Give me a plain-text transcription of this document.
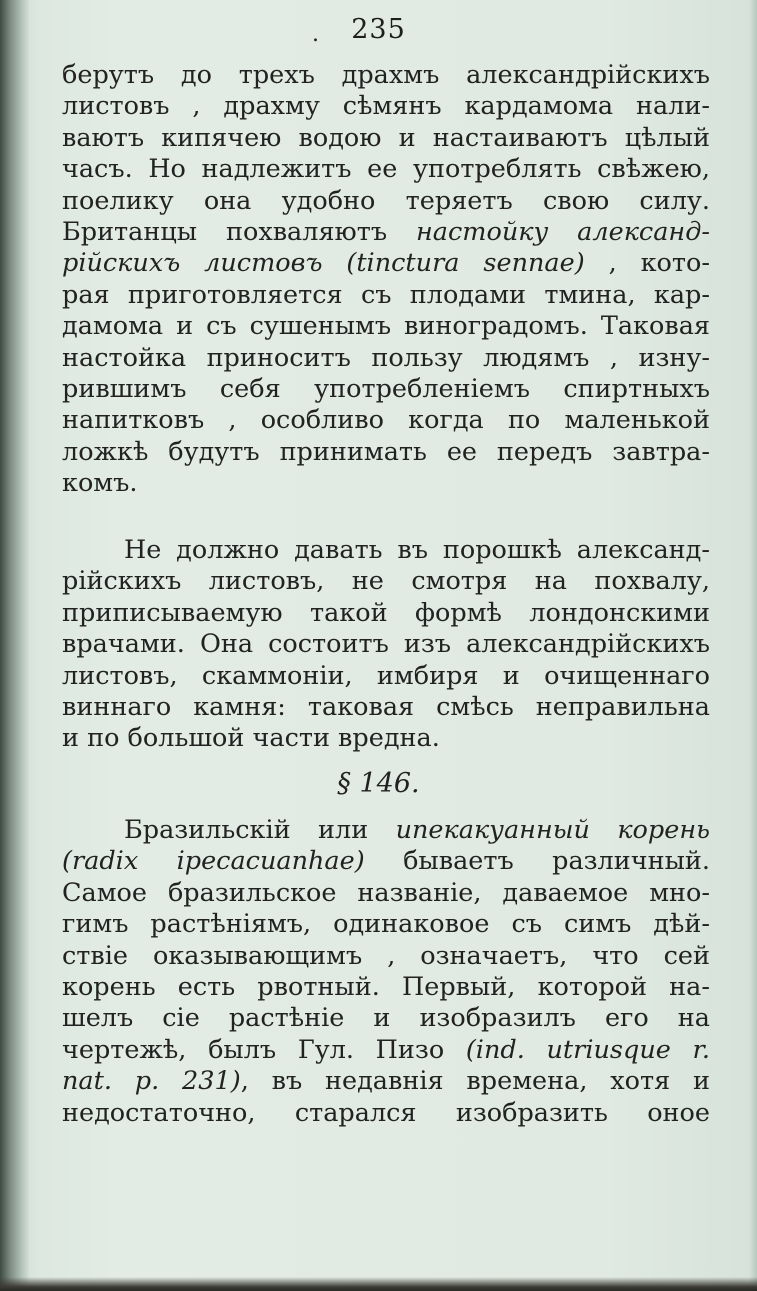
.	235
берутъ до трехъ драхмъ александрiйскихъ
листовъ , драхму сѣмянъ кардамома нали-
ваютъ кипячею водою и настаиваютъ цѣлый
часъ. Но надлежитъ ее употреблять свѣжею,
поелику она удобно теряетъ свою силу.
Британцы похваляютъ настойку александ-
рiйскихъ листовъ (tinctura sennae) , кото-
рая приготовляется съ плодами тмина, кар-
дамома и съ сушенымъ виноградомъ. Таковая
настойка приноситъ пользу людямъ , изну-
рившимъ себя употребленiемъ спиртныхъ
напитковъ , особливо когда по маленькой
ложкѣ будутъ принимать ее передъ завтра-
комъ.
Не должно давать въ порошкѣ александ-
рiйскихъ листовъ, не смотря на похвалу,
приписываемую такой формѣ лондонскими
врачами. Она состоитъ изъ александрiйскихъ
листовъ, скаммонiи, имбиря и очищеннаго
виннаго камня: таковая смѣсь неправильна
и по большой части вредна.
§ 146.
Бразильскiй или ипекакуанный корень
(radix ipecacuanhae) бываетъ различный.
Самое бразильское названiе, даваемое мно-
гимъ растѣнiямъ, одинаковое съ симъ дѣй-
ствiе оказывающимъ , означаетъ, что сей
корень есть рвотный. Первый, которой на-
шелъ сiе растѣнiе и изобразилъ его на
чертежѣ, былъ Гул. Пизо (ind. utriusque r.
nat. p. 231), въ недавнiя времена, хотя и
недостаточно, старался изобразить оное
